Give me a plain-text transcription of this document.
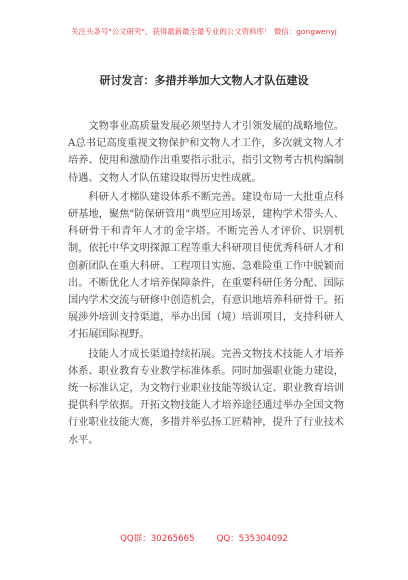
关注头条号"公文研究"，获得最新最全最专业的公文资料库！ 微信：gongwenyj
研讨发言：多措并举加大文物人才队伍建设

文物事业高质量发展必须坚持人才引领发展的战略地位。A总书记高度重视文物保护和文物人才工作，多次就文物人才培养、使用和激励作出重要指示批示，指引文物考古机构编制待遇、文物人才队伍建设取得历史性成就。

科研人才梯队建设体系不断完善。建设布局一大批重点科研基地，聚焦"防保研管用"典型应用场景，建构学术带头人、科研骨干和青年人才的金字塔。不断完善人才评价、识别机制，依托中华文明探源工程等重大科研项目使优秀科研人才和创新团队在重大科研、工程项目实施、急难险重工作中脱颖而出。不断优化人才培养保障条件，在重要科研任务分配、国际国内学术交流与研修中创造机会，有意识地培养科研骨干。拓展涉外培训支持渠道，举办出国（境）培训项目，支持科研人才拓展国际视野。

技能人才成长渠道持续拓展。完善文物技术技能人才培养体系、职业教育专业教学标准体系。同时加强职业能力建设，统一标准认定，为文物行业职业技能等级认定、职业教育培训提供科学依据。开拓文物技能人才培养途径通过举办全国文物行业职业技能大赛，多措并举弘扬工匠精神，提升了行业技术水平。

QQ群：30265665	QQ：535304092
